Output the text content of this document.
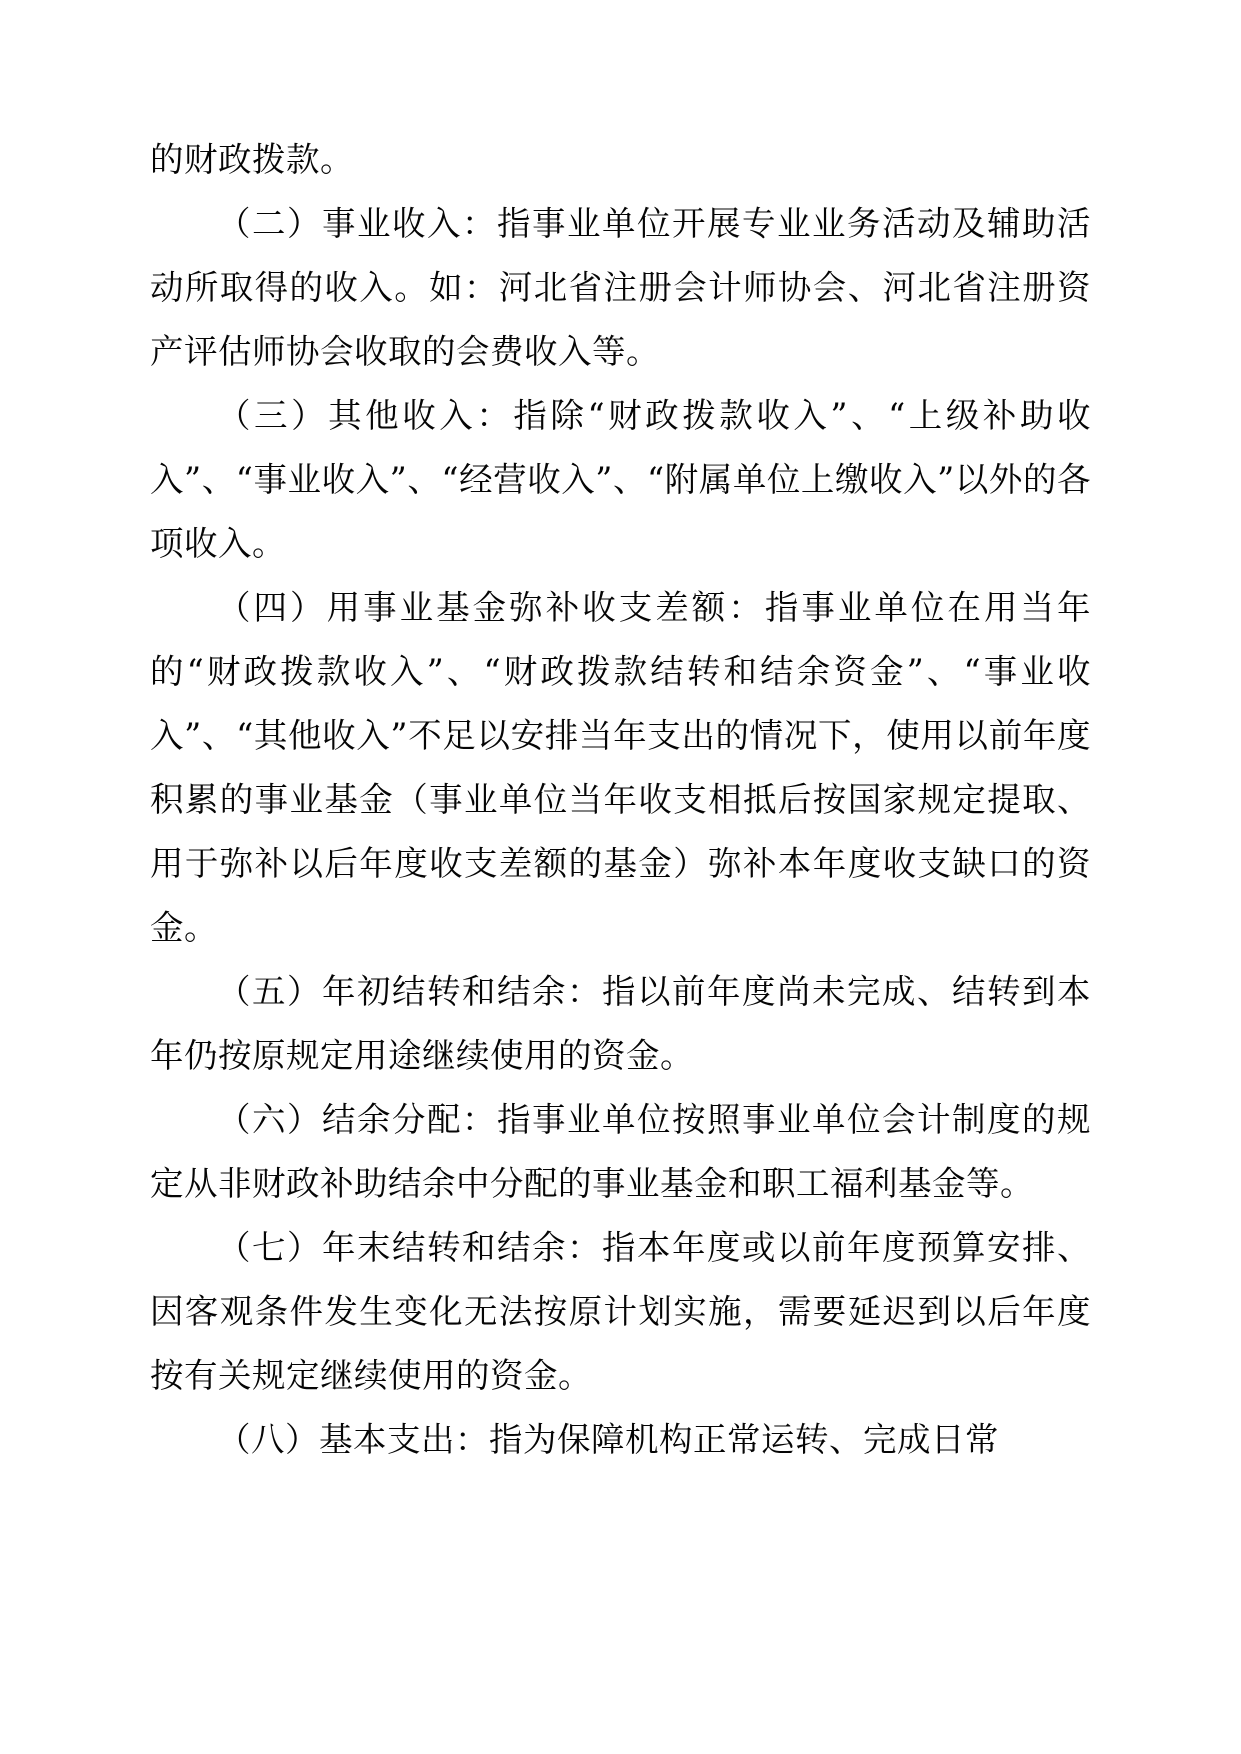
的财政拨款。

（二）事业收入：指事业单位开展专业业务活动及辅助活动所取得的收入。如：河北省注册会计师协会、河北省注册资产评估师协会收取的会费收入等。

（三）其他收入：指除“财政拨款收入”、“上级补助收入”、“事业收入”、“经营收入”、“附属单位上缴收入”以外的各项收入。

（四）用事业基金弥补收支差额：指事业单位在用当年的“财政拨款收入”、“财政拨款结转和结余资金”、“事业收入”、“其他收入”不足以安排当年支出的情况下，使用以前年度积累的事业基金（事业单位当年收支相抵后按国家规定提取、用于弥补以后年度收支差额的基金）弥补本年度收支缺口的资金。

（五）年初结转和结余：指以前年度尚未完成、结转到本年仍按原规定用途继续使用的资金。

（六）结余分配：指事业单位按照事业单位会计制度的规定从非财政补助结余中分配的事业基金和职工福利基金等。

（七）年末结转和结余：指本年度或以前年度预算安排、因客观条件发生变化无法按原计划实施，需要延迟到以后年度按有关规定继续使用的资金。

（八）基本支出：指为保障机构正常运转、完成日常
